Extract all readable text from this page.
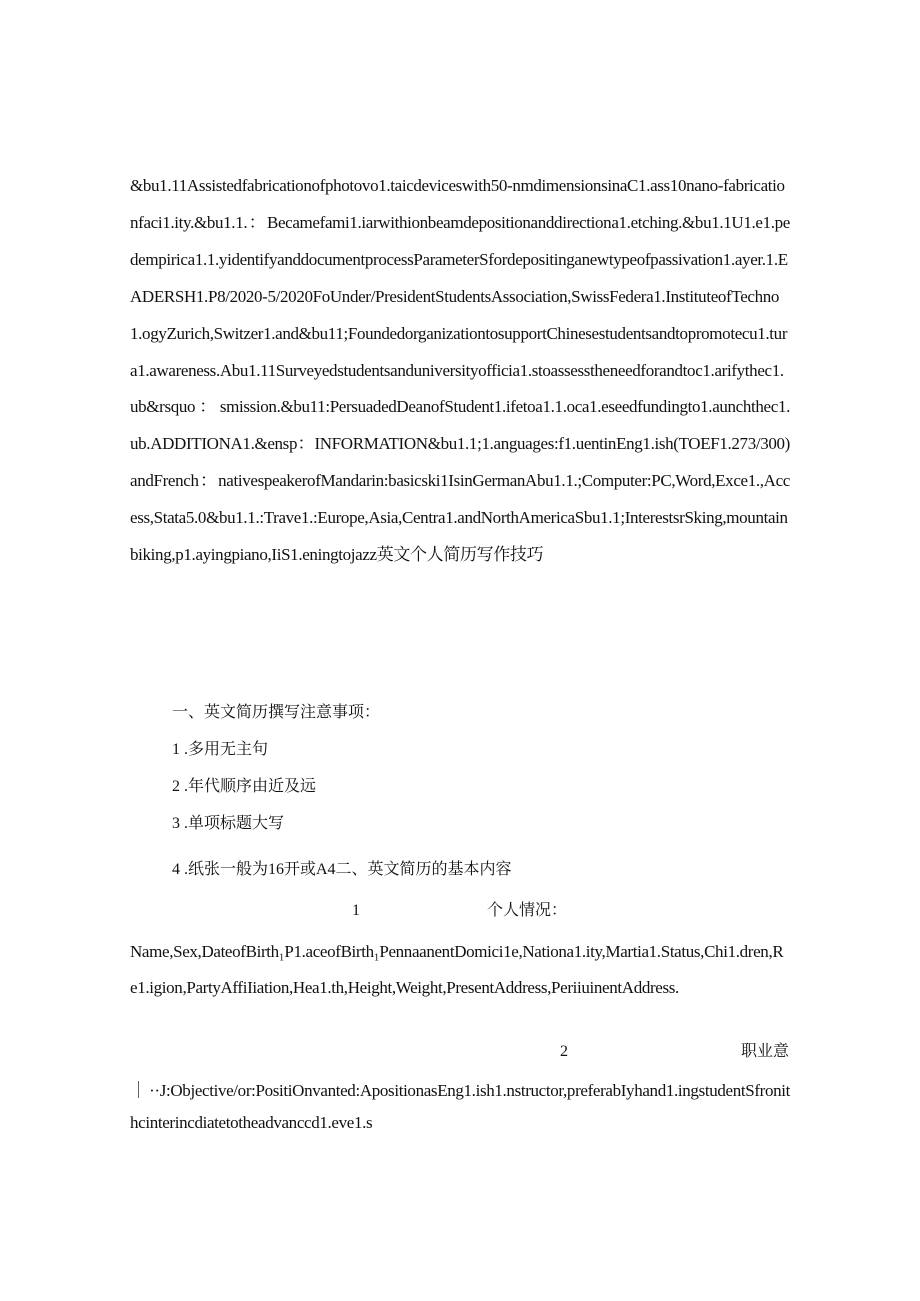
&bu1.11Assistedfabricationofphotovo1.taicdeviceswith50-nmdimensionsinaC1.ass10nano-fabricationfaci1.ity.&bu1.1.：Becamefami1.iarwithionbeamdepositionanddirectiona1.etching.&bu1.1U1.e1.pedempirica1.1.yidentifyanddocumentprocessParameterSfordepositinganewtypeofpassivation1.ayer.1.EADERSH1.P8/2020-5/2020FoUnder/PresidentStudentsAssociation,SwissFedera1.InstituteofTechno1.ogyZurich,Switzer1.and&bu11;FoundedorganizationtosupportChinesestudentsandtopromotecu1.tura1.awareness.Abu1.11Surveyedstudentsanduniversityofficia1.stoassesstheneedforandtoc1.arifythec1.ub&rsquo：smission.&bu11:PersuadedDeanofStudent1.ifetoa1.1.oca1.eseedfundingto1.aunchthec1.ub.ADDITIONA1.&ensp：INFORMATION&bu1.1;1.anguages:f1.uentinEng1.ish(TOEF1.273/300)andFrench：nativespeakerofMandarin:basicski1IsinGermanAbu1.1.;Computer:PC,Word,Exce1.,Access,Stata5.0&bu1.1.:Trave1.:Europe,Asia,Centra1.andNorthAmericaSbu1.1;InterestsrSking,mountainbiking,p1.ayingpiano,IiS1.eningtojazz英文个人简历写作技巧
一、英文简历撰写注意事项：
1 .多用无主句
2 .年代顺序由近及远
3 .单项标题大写
4 .纸张一般为16开或A4二、英文简历的基本内容
1	个人情况：
Name,Sex,DateofBirth₁P1.aceofBirth₁PennaanentDomici1e,Nationa1.ity,Martia1.Status,Chi1.dren,Re1.igion,PartyAffiIiation,Hea1.th,Height,Weight,PresentAddress,PeriiuinentAddress.
2	职业意
｜··J:Objective/or:PositiOnvanted:ApositionasEng1.ish1.nstructor,preferabIyhand1.ingstudentSfronithcinterincdiatetotheadvanccd1.eve1.s
